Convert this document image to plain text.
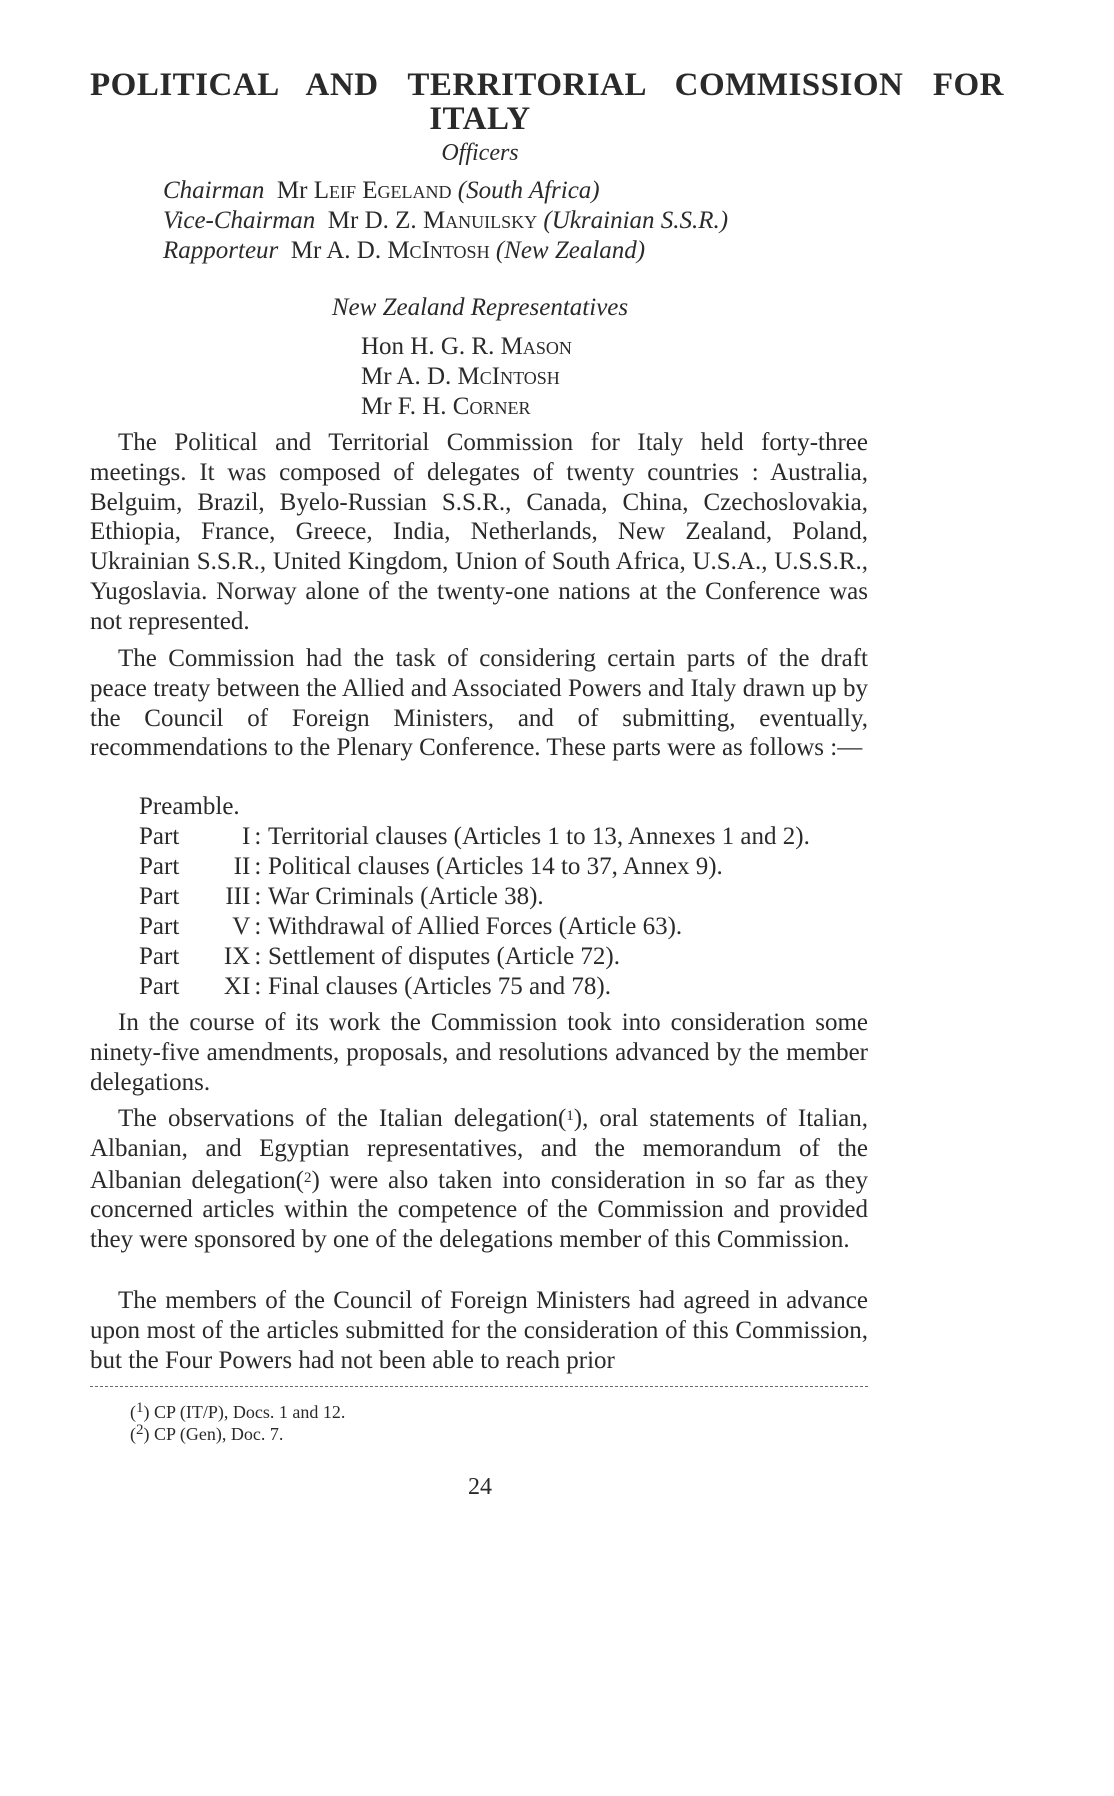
POLITICAL AND TERRITORIAL COMMISSION FOR
ITALY

Officers

Chairman Mr Leif Egeland (South Africa)

Vice-Chairman Mr D. Z. Manuilsky (Ukrainian S.S.R.)

Rapporteur Mr A. D. McIntosh (New Zealand)

New Zealand Representatives

Hon H. G. R. Mason

Mr A. D. McIntosh

Mr F. H. Corner

The Political and Territorial Commission for Italy held forty-three meetings. It was composed of delegates of twenty countries : Australia, Belguim, Brazil, Byelo-Russian S.S.R., Canada, China, Czechoslovakia, Ethiopia, France, Greece, India, Netherlands, New Zealand, Poland, Ukrainian S.S.R., United Kingdom, Union of South Africa, U.S.A., U.S.S.R., Yugoslavia. Norway alone of the twenty-one nations at the Conference was not represented.

The Commission had the task of considering certain parts of the draft peace treaty between the Allied and Associated Powers and Italy drawn up by the Council of Foreign Ministers, and of submitting, eventually, recommendations to the Plenary Conference. These parts were as follows :—

Preamble.
Part	I : Territorial clauses (Articles 1 to 13, Annexes 1 and 2).
Part	II : Political clauses (Articles 14 to 37, Annex 9).
Part	III : War Criminals (Article 38).
Part	V : Withdrawal of Allied Forces (Article 63).
Part	IX : Settlement of disputes (Article 72).
Part	XI : Final clauses (Articles 75 and 78).

In the course of its work the Commission took into consideration some ninety-five amendments, proposals, and resolutions advanced by the member delegations.

The observations of the Italian delegation($^1$), oral statements of Italian, Albanian, and Egyptian representatives, and the memorandum of the Albanian delegation($^2$) were also taken into consideration in so far as they concerned articles within the competence of the Commission and provided they were sponsored by one of the delegations member of this Commission.

The members of the Council of Foreign Ministers had agreed in advance upon most of the articles submitted for the consideration of this Commission, but the Four Powers had not been able to reach prior

($^1$) CP (IT/P), Docs. 1 and 12.

($^2$) CP (Gen), Doc. 7.

24
